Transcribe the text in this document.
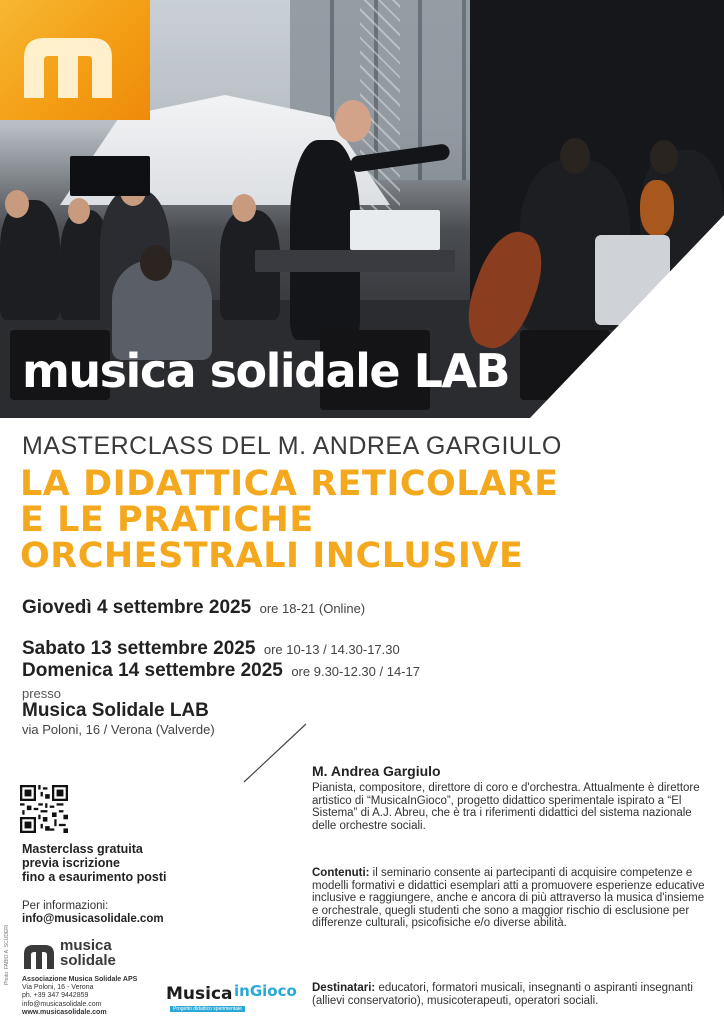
musica solidale LAB
MASTERCLASS DEL M. ANDREA GARGIULO
LA DIDATTICA RETICOLARE
E LE PRATICHE
ORCHESTRALI INCLUSIVE
Giovedì 4 settembre 2025 ore 18-21 (Online)
Sabato 13 settembre 2025 ore 10-13 / 14.30-17.30
Domenica 14 settembre 2025 ore 9.30-12.30 / 14-17
presso
Musica Solidale LAB
via Poloni, 16 / Verona (Valverde)
Masterclass gratuita
previa iscrizione
fino a esaurimento posti
Per informazioni:
info@musicasolidale.com
musica
solidale
Associazione Musica Solidale APS
Via Poloni, 16 - Verona
ph. +39 347 9442859
info@musicasolidale.com
www.musicasolidale.com
Photo: FABIO A. SCUDERI
Musica inGioco
Progetto didattico sperimentale
M. Andrea Gargiulo
Pianista, compositore, direttore di coro e d'orchestra. Attualmente è direttore artistico di “MusicaInGioco”, progetto didattico sperimentale ispirato a “El Sistema” di A.J. Abreu, che è tra i riferimenti didattici del sistema nazionale delle orchestre sociali.
Contenuti: il seminario consente ai partecipanti di acquisire competenze e modelli formativi e didattici esemplari atti a promuovere esperienze educative inclusive e raggiungere, anche e ancora di più attraverso la musica d'insieme e orchestrale, quegli studenti che sono a maggior rischio di esclusione per differenze culturali, psicofisiche e/o diverse abilità.
Destinatari: educatori, formatori musicali, insegnanti o aspiranti insegnanti (allievi conservatorio), musicoterapeuti, operatori sociali.
